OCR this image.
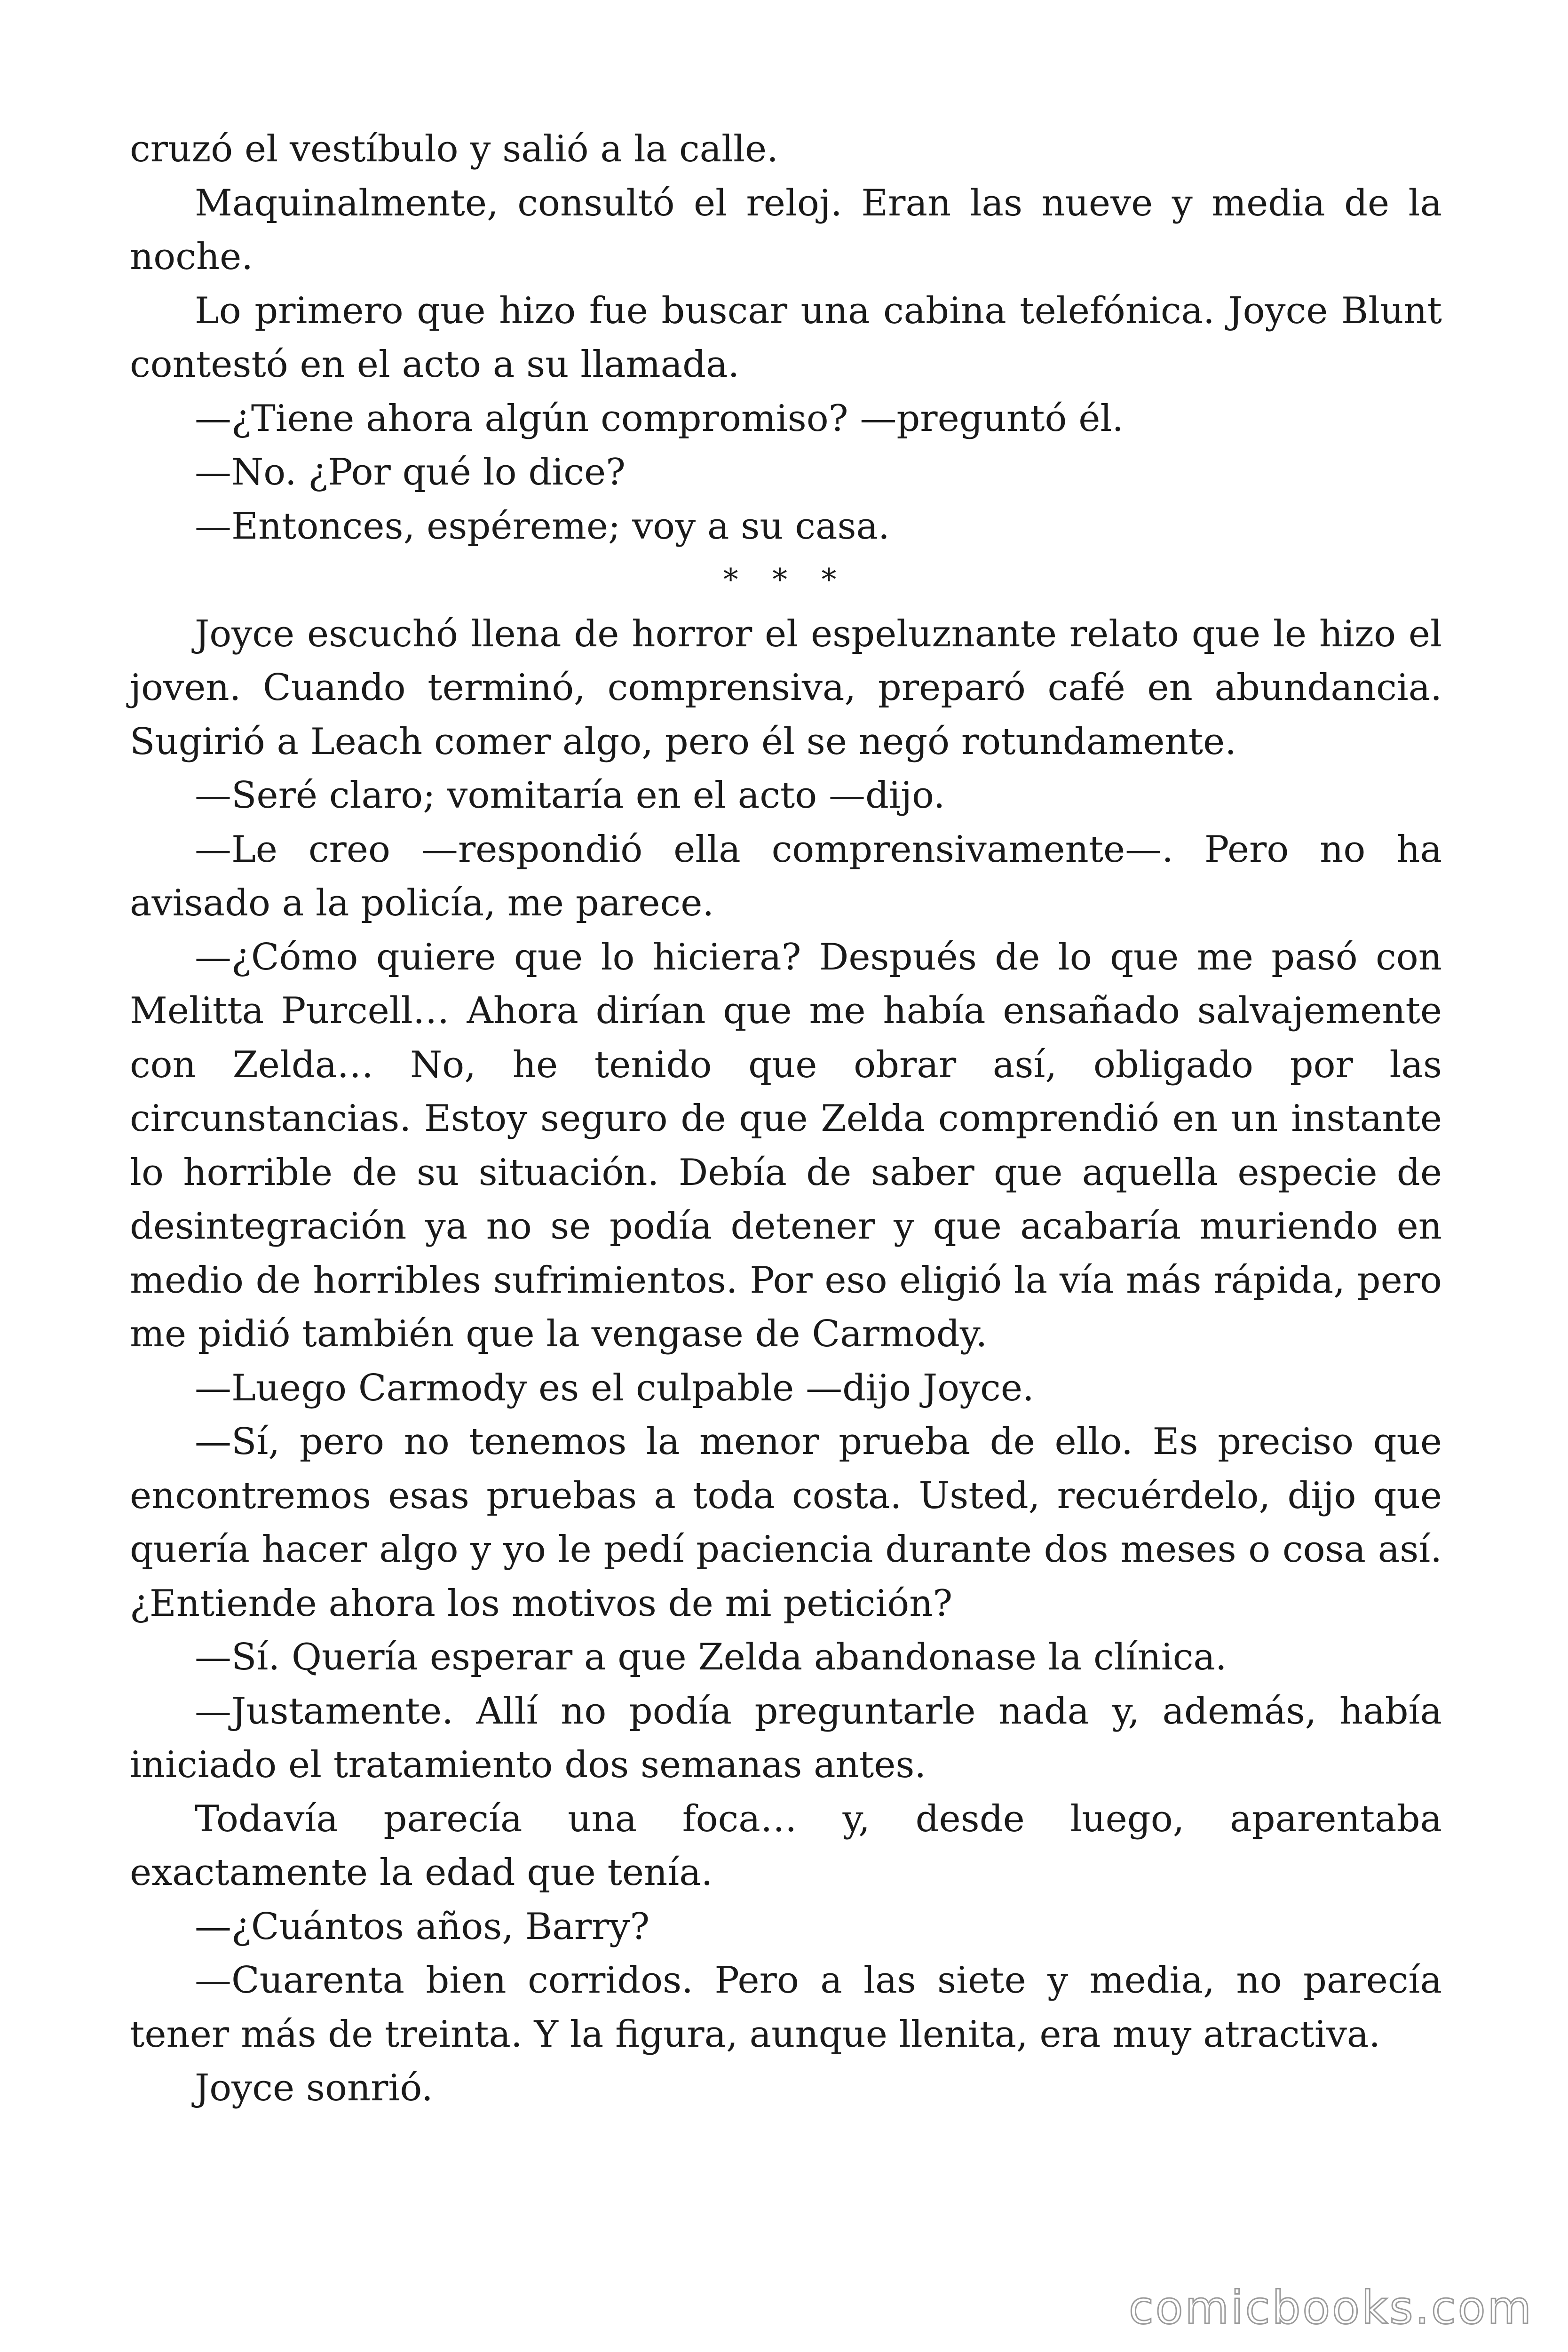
cruzó el vestíbulo y salió a la calle.

Maquinalmente, consultó el reloj. Eran las nueve y media de la noche.

Lo primero que hizo fue buscar una cabina telefónica. Joyce Blunt contestó en el acto a su llamada.

—¿Tiene ahora algún compromiso? —preguntó él.

—No. ¿Por qué lo dice?

—Entonces, espéreme; voy a su casa.

* * *

Joyce escuchó llena de horror el espeluznante relato que le hizo el joven. Cuando terminó, comprensiva, preparó café en abundancia. Sugirió a Leach comer algo, pero él se negó rotundamente.

—Seré claro; vomitaría en el acto —dijo.

—Le creo —respondió ella comprensivamente—. Pero no ha avisado a la policía, me parece.

—¿Cómo quiere que lo hiciera? Después de lo que me pasó con Melitta Purcell… Ahora dirían que me había ensañado salvajemente con Zelda… No, he tenido que obrar así, obligado por las circunstancias. Estoy seguro de que Zelda comprendió en un instante lo horrible de su situación. Debía de saber que aquella especie de desintegración ya no se podía detener y que acabaría muriendo en medio de horribles sufrimientos. Por eso eligió la vía más rápida, pero me pidió también que la vengase de Carmody.

—Luego Carmody es el culpable —dijo Joyce.

—Sí, pero no tenemos la menor prueba de ello. Es preciso que encontremos esas pruebas a toda costa. Usted, recuérdelo, dijo que quería hacer algo y yo le pedí paciencia durante dos meses o cosa así. ¿Entiende ahora los motivos de mi petición?

—Sí. Quería esperar a que Zelda abandonase la clínica.

—Justamente. Allí no podía preguntarle nada y, además, había iniciado el tratamiento dos semanas antes.

Todavía parecía una foca… y, desde luego, aparentaba exactamente la edad que tenía.

—¿Cuántos años, Barry?

—Cuarenta bien corridos. Pero a las siete y media, no parecía tener más de treinta. Y la figura, aunque llenita, era muy atractiva.

Joyce sonrió.

comicbooks.com
